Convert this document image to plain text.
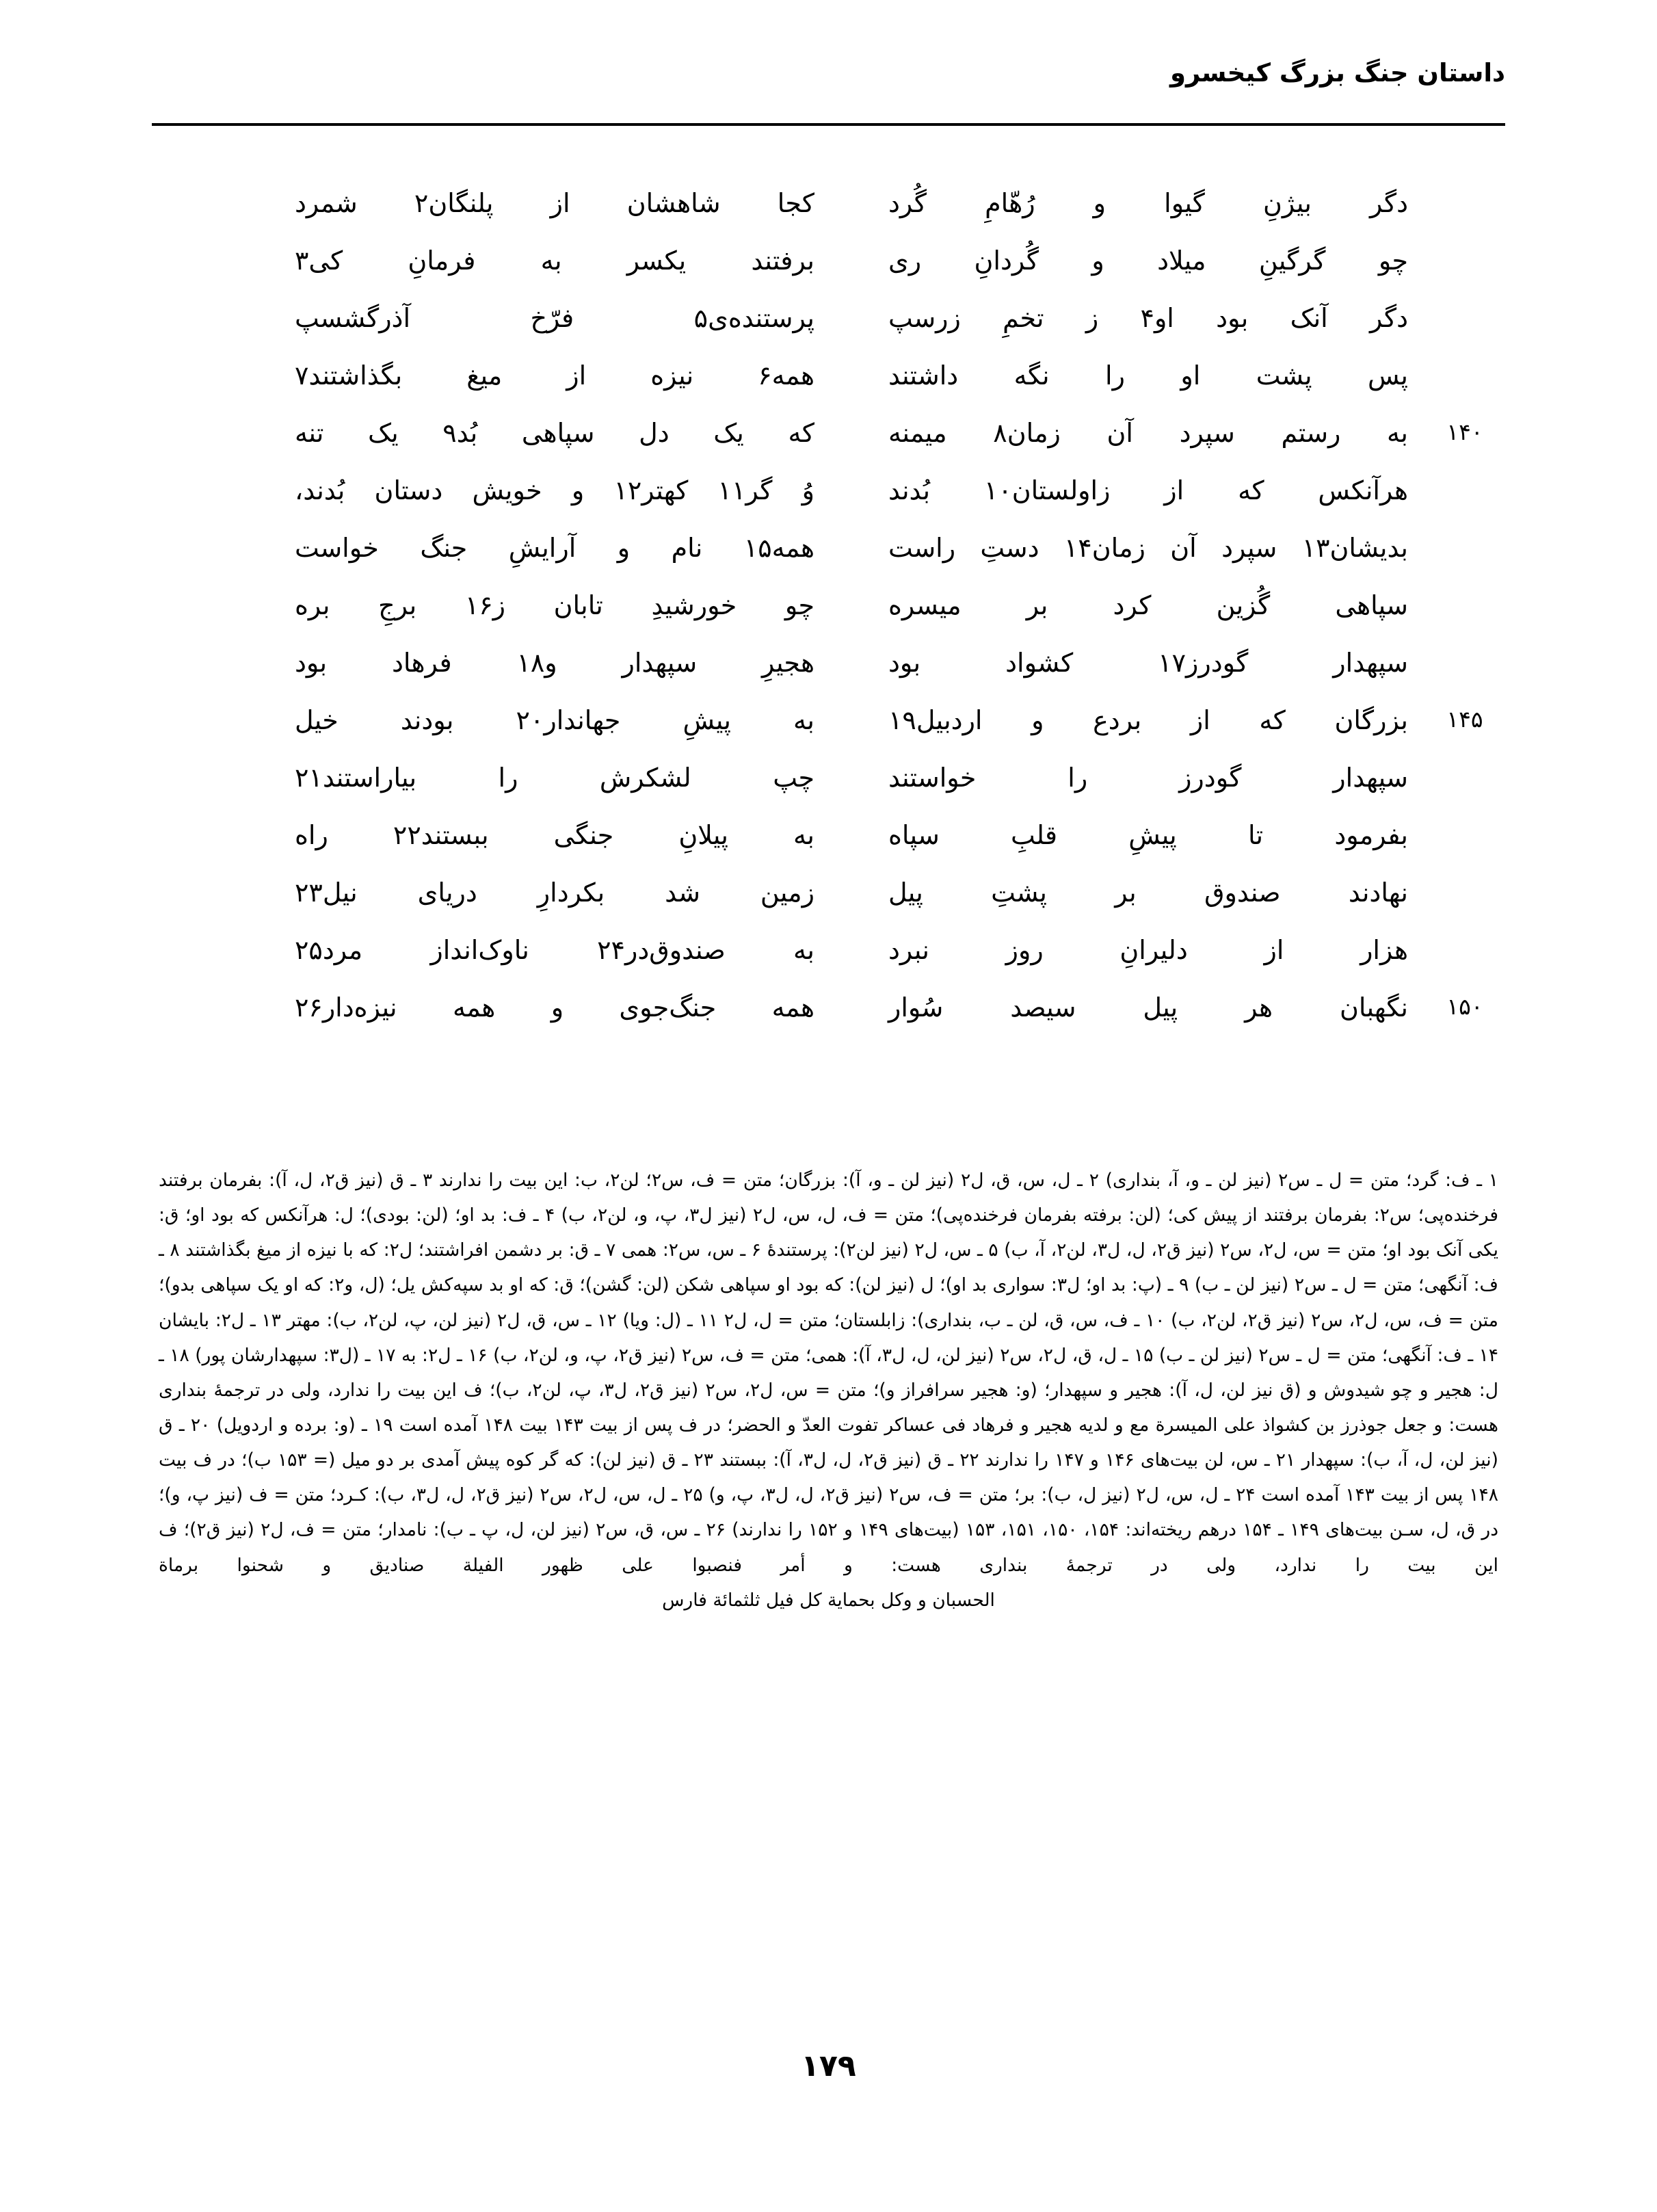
داستان جنگ بزرگ کیخسرو
دگر بیژنِ گیوا و رُهّامِ گُرد
کجا شاهشان از پلنگان۲ شمرد
چو گرگینِ میلاد و گُردانِ ری
برفتند یکسر به فرمانِ کی۳
دگر آنک بود او۴ ز تخمِ زرسپ
پرستنده‌ی۵ فرّخ آذرگشسپ
پس پشت او را نگه داشتند
همه۶ نیزه از میغ بگذاشتند۷
۱۴۰
به رستم سپرد آن زمان۸ میمنه
که یک دل سپاهی بُد۹ یک تنه
هرآنکس که از زاولستان۱۰ بُدند
وُ گر۱۱ کهتر۱۲ و خویش دستان بُدند،
بدیشان۱۳ سپرد آن زمان۱۴ دستِ راست
همه۱۵ نام و آرایشِ جنگ خواست
سپاهی گُزین کرد بر میسره
چو خورشیدِ تابان ز۱۶ برجِ بره
سپهدار گودرز۱۷ کشواد بود
هجیرِ سپهدار و۱۸ فرهاد بود
۱۴۵
بزرگان که از بردع و اردبیل۱۹
به پیشِ جهاندار۲۰ بودند خیل
سپهدار گودرز را خواستند
چپ لشکرش را بیاراستند۲۱
بفرمود تا پیشِ قلبِ سپاه
به پیلانِ جنگی ببستند۲۲ راه
نهادند صندوق بر پشتِ پیل
زمین شد بکردارِ دریای نیل۲۳
هزار از دلیرانِ روز نبرد
به صندوق‌در۲۴ ناوک‌انداز مرد۲۵
۱۵۰
نگهبان هر پیل سیصد سُوار
همه جنگ‌جوی و همه نیزه‌دار۲۶

۱ ـ ف: گرد؛ متن = ل ـ س۲ (نیز لن ـ و، آ، بنداری) ۲ ـ ل، س، ق، ل۲ (نیز لن ـ و، آ): بزرگان؛ متن = ف، س۲؛ لن۲، ب: این بیت را ندارند ۳ ـ ق (نیز ق۲، ل، آ): بفرمان برفتند فرخنده‌پی؛ س۲: بفرمان برفتند از پیش کی؛ (لن: برفته بفرمان فرخنده‌پی)؛ متن = ف، ل، س، ل۲ (نیز ل۳، پ، و، لن۲، ب) ۴ ـ ف: بد او؛ (لن: بودی)؛ ل: هرآنکس که بود او؛ ق: یکی آنک بود او؛ متن = س، ل۲، س۲ (نیز ق۲، ل، ل۳، لن۲، آ، ب) ۵ ـ س، ل۲ (نیز لن۲): پرستندهٔ ۶ ـ س، س۲: همی ۷ ـ ق: بر دشمن افراشتند؛ ل۲: که با نیزه از میغ بگذاشتند ۸ ـ ف: آنگهی؛ متن = ل ـ س۲ (نیز لن ـ ب) ۹ ـ (پ: بد او؛ ل۳: سواری بد او)؛ ل (نیز لن): که بود او سپاهی شکن (لن: گشن)؛ ق: که او بد سپه‌کش یل؛ (ل، و۲: که او یک سپاهی بدو)؛ متن = ف، س، ل۲، س۲ (نیز ق۲، لن۲، ب) ۱۰ ـ ف، س، ق، لن ـ ب، بنداری): زابلستان؛ متن = ل، ل۲ ۱۱ ـ (ل: ویا) ۱۲ ـ س، ق، ل۲ (نیز لن، پ، لن۲، ب): مهتر ۱۳ ـ ل۲: بایشان ۱۴ ـ ف: آنگهی؛ متن = ل ـ س۲ (نیز لن ـ ب) ۱۵ ـ ل، ق، ل۲، س۲ (نیز لن، ل، ل۳، آ): همی؛ متن = ف، س۲ (نیز ق۲، پ، و، لن۲، ب) ۱۶ ـ ل۲: به ۱۷ ـ (ل۳: سپهدارشان پور) ۱۸ ـ ل: هجیر و چو شیدوش و (ق نیز لن، ل، آ): هجیر و سپهدار؛ (و: هجیر سرافراز و)؛ متن = س، ل۲، س۲ (نیز ق۲، ل۳، پ، لن۲، ب)؛ ف این بیت را ندارد، ولی در ترجمهٔ بنداری هست: و جعل جوذرز بن کشواذ علی المیسرة مع و لدیه هجیر و فرهاد فی عساکر تفوت العدّ و الحضر؛ در ف پس از بیت ۱۴۳ بیت ۱۴۸ آمده است ۱۹ ـ (و: برده و اردویل) ۲۰ ـ ق (نیز لن، ل، آ، ب): سپهدار ۲۱ ـ س، لن بیت‌های ۱۴۶ و ۱۴۷ را ندارند ۲۲ ـ ق (نیز ق۲، ل، ل۳، آ): ببستند ۲۳ ـ ق (نیز لن): که گر کوه پیش آمدی بر دو میل (= ۱۵۳ ب)؛ در ف بیت ۱۴۸ پس از بیت ۱۴۳ آمده است ۲۴ ـ ل، س، ل۲ (نیز ل، ب): بر؛ متن = ف، س۲ (نیز ق۲، ل، ل۳، پ، و) ۲۵ ـ ل، س، ل۲، س۲ (نیز ق۲، ل، ل۳، ب): کـرد؛ متن = ف (نیز پ، و)؛ در ق، ل، سـن بیت‌های ۱۴۹ ـ ۱۵۴ درهم ریخته‌اند: ۱۵۴، ۱۵۰، ۱۵۱، ۱۵۳ (بیت‌های ۱۴۹ و ۱۵۲ را ندارند) ۲۶ ـ س، ق، س۲ (نیز لن، ل، پ ـ ب): نامدار؛ متن = ف، ل۲ (نیز ق۲)؛ ف این بیت را ندارد، ولی در ترجمهٔ بنداری هست: و أمر فنصبوا علی ظهور الفیلة صنادیق و شحنوا برماة

الحسبان و وكل بحماية كل فيل ثلثمائة فارس

۱۷۹
